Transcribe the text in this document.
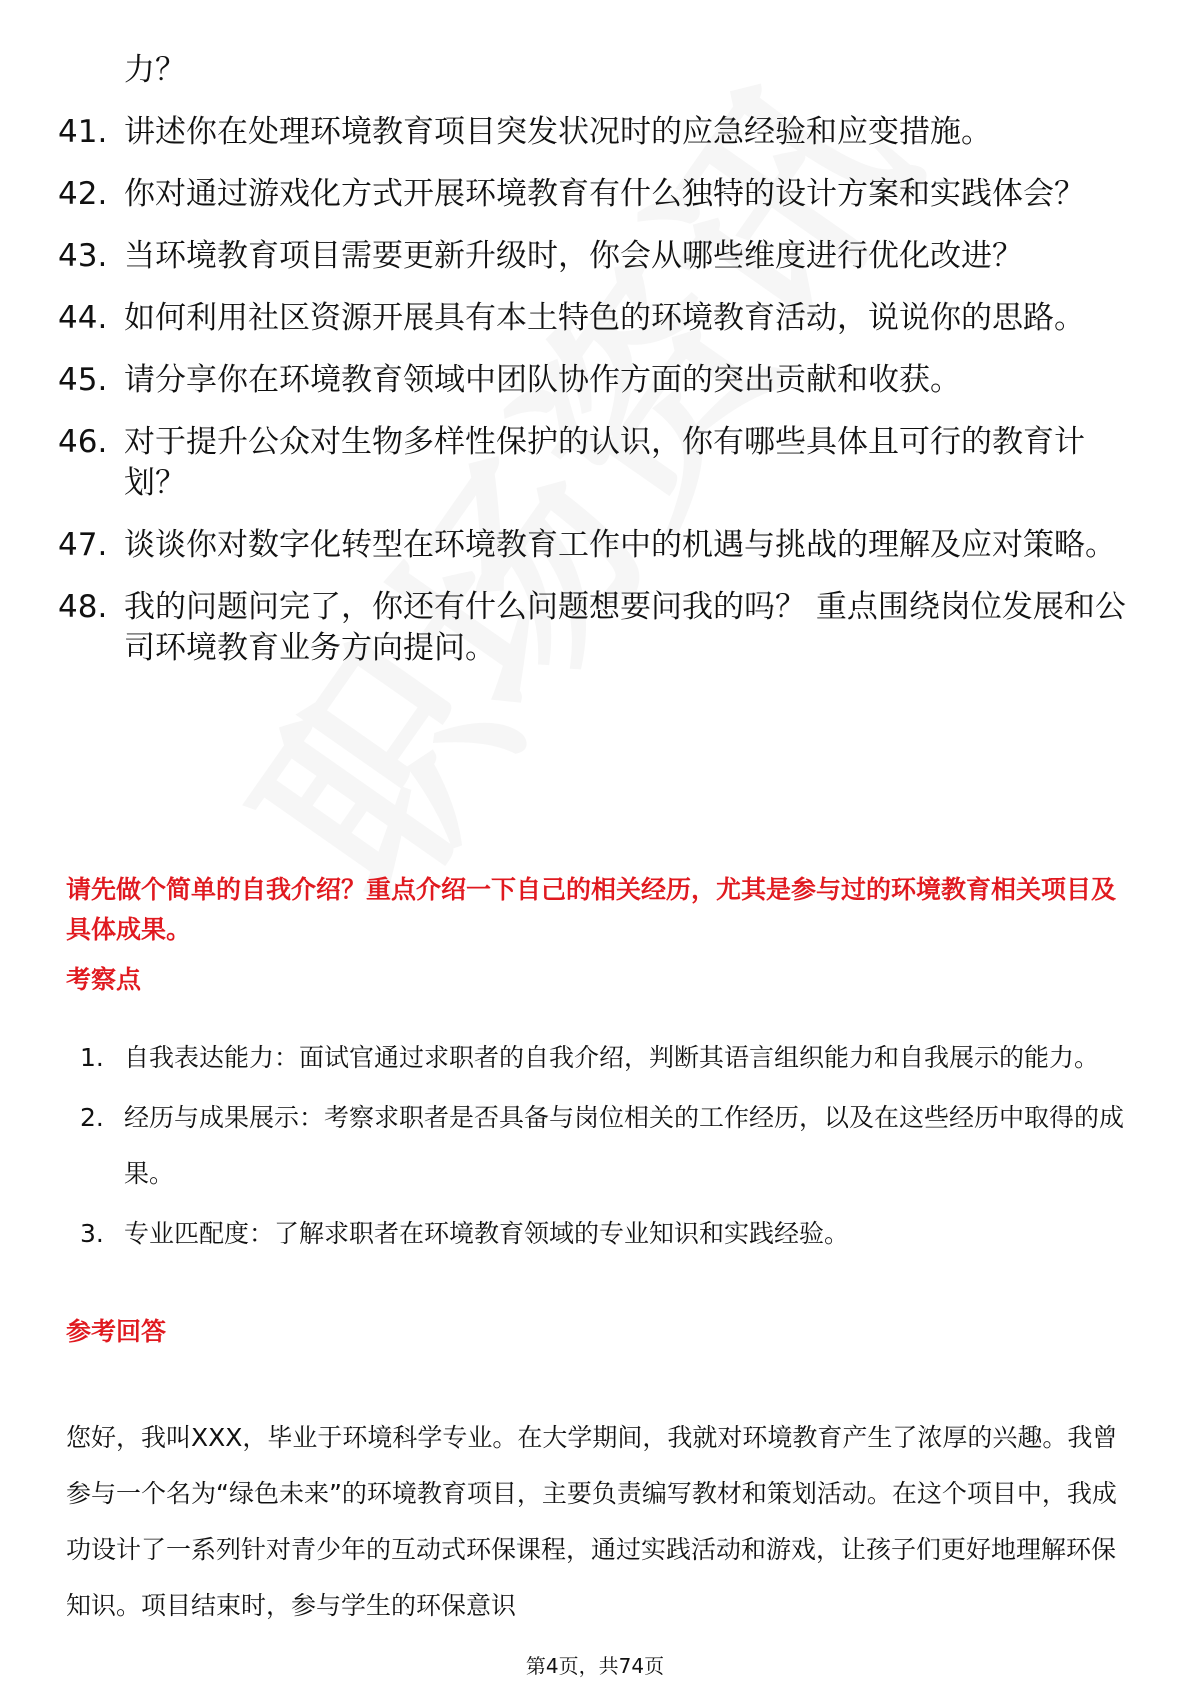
力？
41. 讲述你在处理环境教育项目突发状况时的应急经验和应变措施。
42. 你对通过游戏化方式开展环境教育有什么独特的设计方案和实践体会？
43. 当环境教育项目需要更新升级时，你会从哪些维度进行优化改进？
44. 如何利用社区资源开展具有本土特色的环境教育活动，说说你的思路。
45. 请分享你在环境教育领域中团队协作方面的突出贡献和收获。
46. 对于提升公众对生物多样性保护的认识，你有哪些具体且可行的教育计划？
47. 谈谈你对数字化转型在环境教育工作中的机遇与挑战的理解及应对策略。
48. 我的问题问完了，你还有什么问题想要问我的吗？ 重点围绕岗位发展和公司环境教育业务方向提问。
请先做个简单的自我介绍？重点介绍一下自己的相关经历，尤其是参与过的环境教育相关项目及具体成果。
考察点
1. 自我表达能力：面试官通过求职者的自我介绍，判断其语言组织能力和自我展示的能力。
2. 经历与成果展示：考察求职者是否具备与岗位相关的工作经历，以及在这些经历中取得的成果。
3. 专业匹配度：了解求职者在环境教育领域的专业知识和实践经验。
参考回答
您好，我叫XXX，毕业于环境科学专业。在大学期间，我就对环境教育产生了浓厚的兴趣。我曾参与一个名为“绿色未来”的环境教育项目，主要负责编写教材和策划活动。在这个项目中，我成功设计了一系列针对青少年的互动式环保课程，通过实践活动和游戏，让孩子们更好地理解环保知识。项目结束时，参与学生的环保意识
第4页，共74页
